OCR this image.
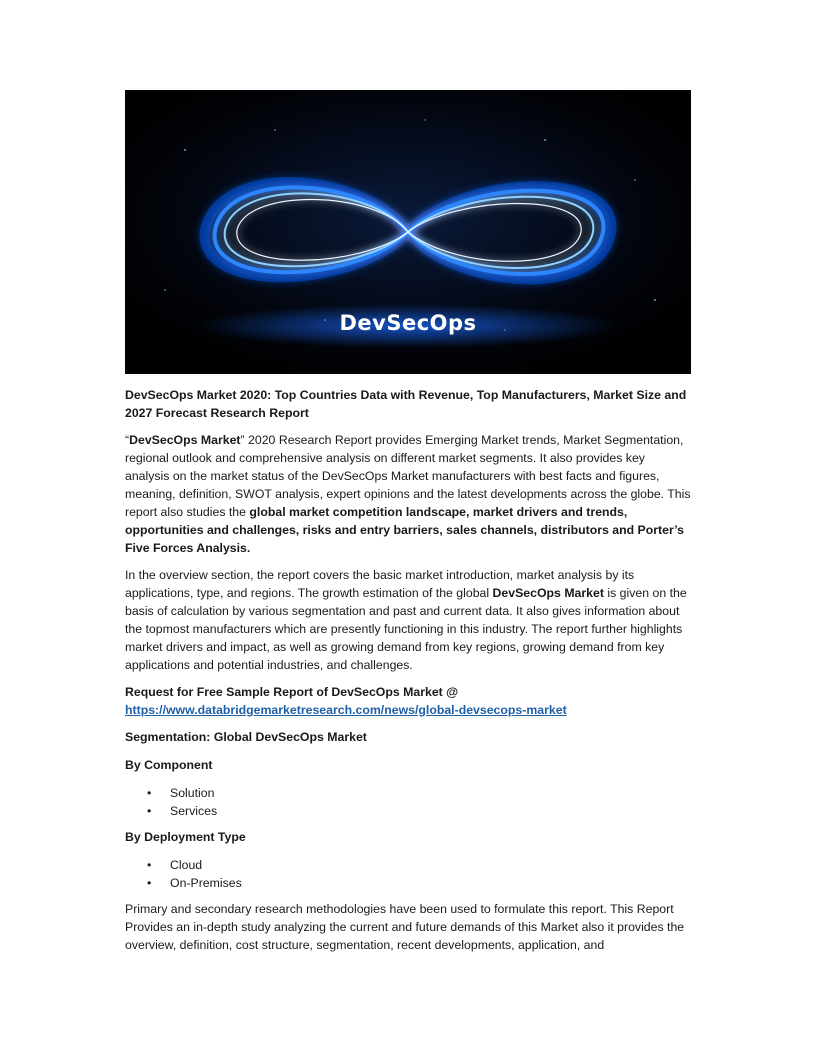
DevSecOps

DevSecOps Market 2020: Top Countries Data with Revenue, Top Manufacturers, Market Size and 2027 Forecast Research Report

“DevSecOps Market” 2020 Research Report provides Emerging Market trends, Market Segmentation, regional outlook and comprehensive analysis on different market segments. It also provides key analysis on the market status of the DevSecOps Market manufacturers with best facts and figures, meaning, definition, SWOT analysis, expert opinions and the latest developments across the globe. This report also studies the global market competition landscape, market drivers and trends, opportunities and challenges, risks and entry barriers, sales channels, distributors and Porter’s Five Forces Analysis.

In the overview section, the report covers the basic market introduction, market analysis by its applications, type, and regions. The growth estimation of the global DevSecOps Market is given on the basis of calculation by various segmentation and past and current data. It also gives information about the topmost manufacturers which are presently functioning in this industry. The report further highlights market drivers and impact, as well as growing demand from key regions, growing demand from key applications and potential industries, and challenges.

Request for Free Sample Report of DevSecOps Market @
https://www.databridgemarketresearch.com/news/global-devsecops-market

Segmentation: Global DevSecOps Market

By Component

• Solution
• Services

By Deployment Type

• Cloud
• On-Premises

Primary and secondary research methodologies have been used to formulate this report. This Report Provides an in-depth study analyzing the current and future demands of this Market also it provides the overview, definition, cost structure, segmentation, recent developments, application, and
